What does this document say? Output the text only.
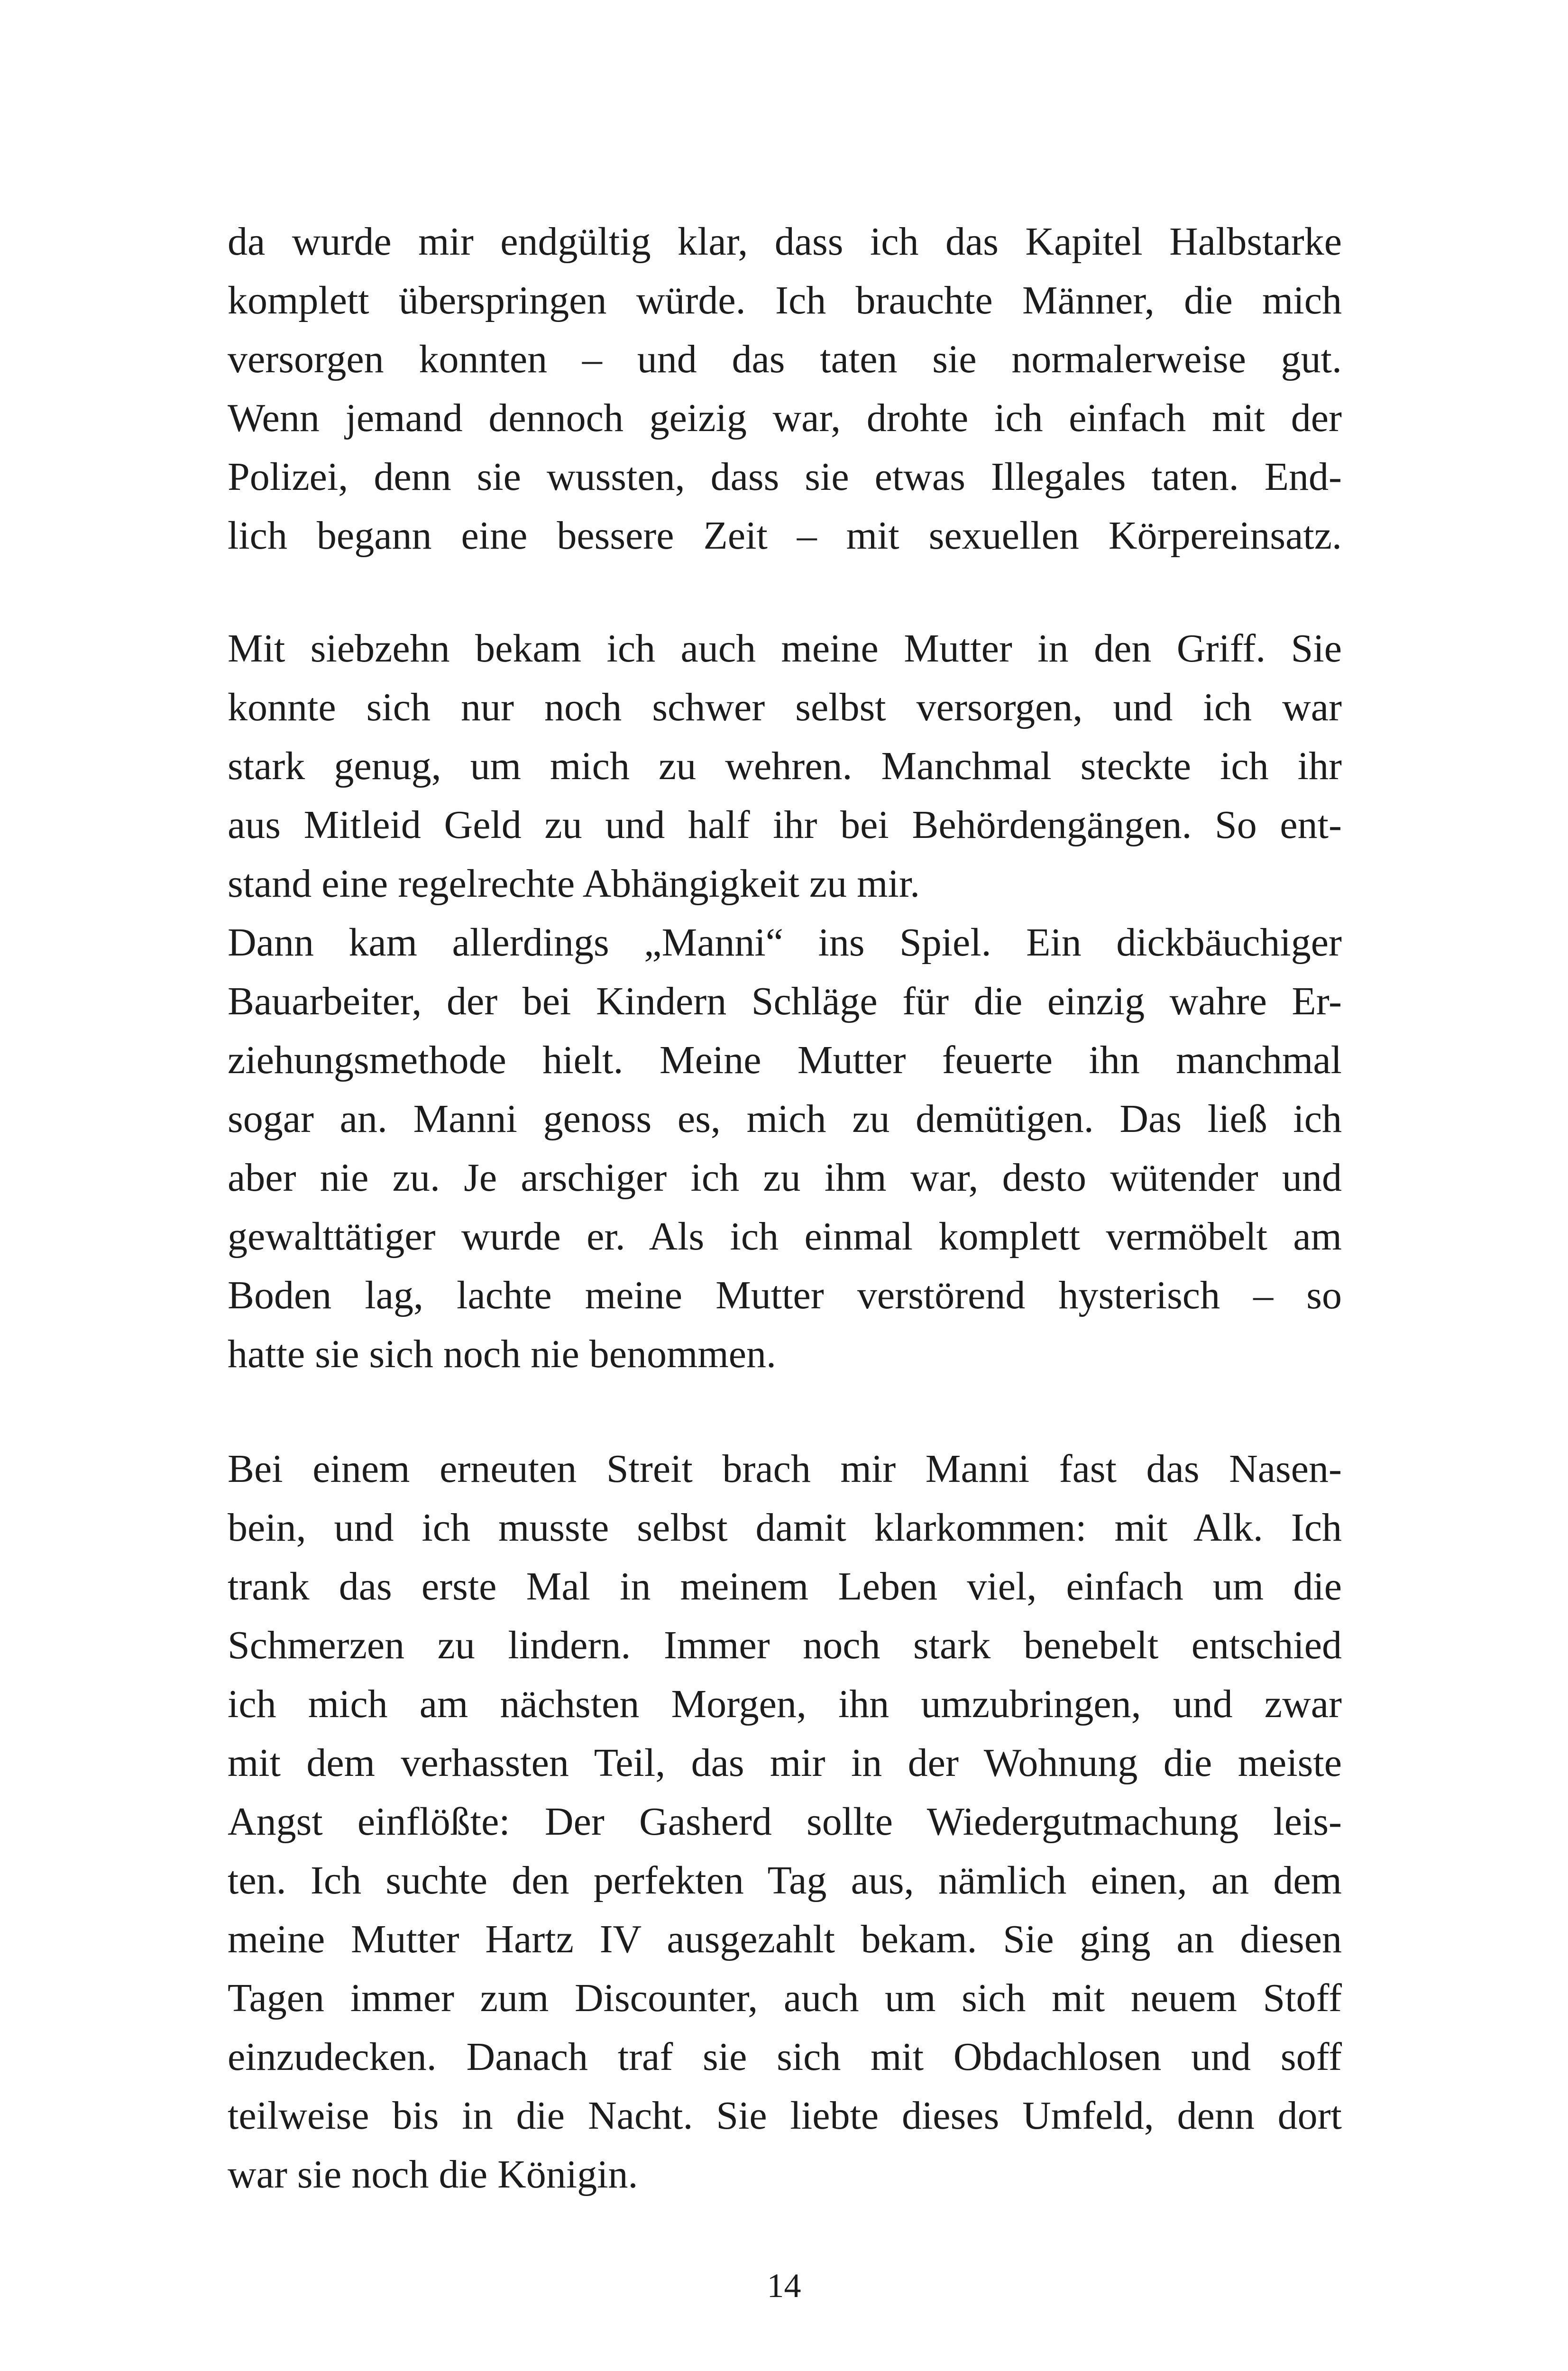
da wurde mir endgültig klar, dass ich das Kapitel Halbstarke
komplett überspringen würde. Ich brauchte Männer, die mich
versorgen konnten – und das taten sie normalerweise gut.
Wenn jemand dennoch geizig war, drohte ich einfach mit der
Polizei, denn sie wussten, dass sie etwas Illegales taten. End-
lich begann eine bessere Zeit – mit sexuellen Körpereinsatz.
Mit siebzehn bekam ich auch meine Mutter in den Griff. Sie
konnte sich nur noch schwer selbst versorgen, und ich war
stark genug, um mich zu wehren. Manchmal steckte ich ihr
aus Mitleid Geld zu und half ihr bei Behördengängen. So ent-
stand eine regelrechte Abhängigkeit zu mir.
Dann kam allerdings „Manni“ ins Spiel. Ein dickbäuchiger
Bauarbeiter, der bei Kindern Schläge für die einzig wahre Er-
ziehungsmethode hielt. Meine Mutter feuerte ihn manchmal
sogar an. Manni genoss es, mich zu demütigen. Das ließ ich
aber nie zu. Je arschiger ich zu ihm war, desto wütender und
gewalttätiger wurde er. Als ich einmal komplett vermöbelt am
Boden lag, lachte meine Mutter verstörend hysterisch – so
hatte sie sich noch nie benommen.
Bei einem erneuten Streit brach mir Manni fast das Nasen-
bein, und ich musste selbst damit klarkommen: mit Alk. Ich
trank das erste Mal in meinem Leben viel, einfach um die
Schmerzen zu lindern. Immer noch stark benebelt entschied
ich mich am nächsten Morgen, ihn umzubringen, und zwar
mit dem verhassten Teil, das mir in der Wohnung die meiste
Angst einflößte: Der Gasherd sollte Wiedergutmachung leis-
ten. Ich suchte den perfekten Tag aus, nämlich einen, an dem
meine Mutter Hartz IV ausgezahlt bekam. Sie ging an diesen
Tagen immer zum Discounter, auch um sich mit neuem Stoff
einzudecken. Danach traf sie sich mit Obdachlosen und soff
teilweise bis in die Nacht. Sie liebte dieses Umfeld, denn dort
war sie noch die Königin.
14
